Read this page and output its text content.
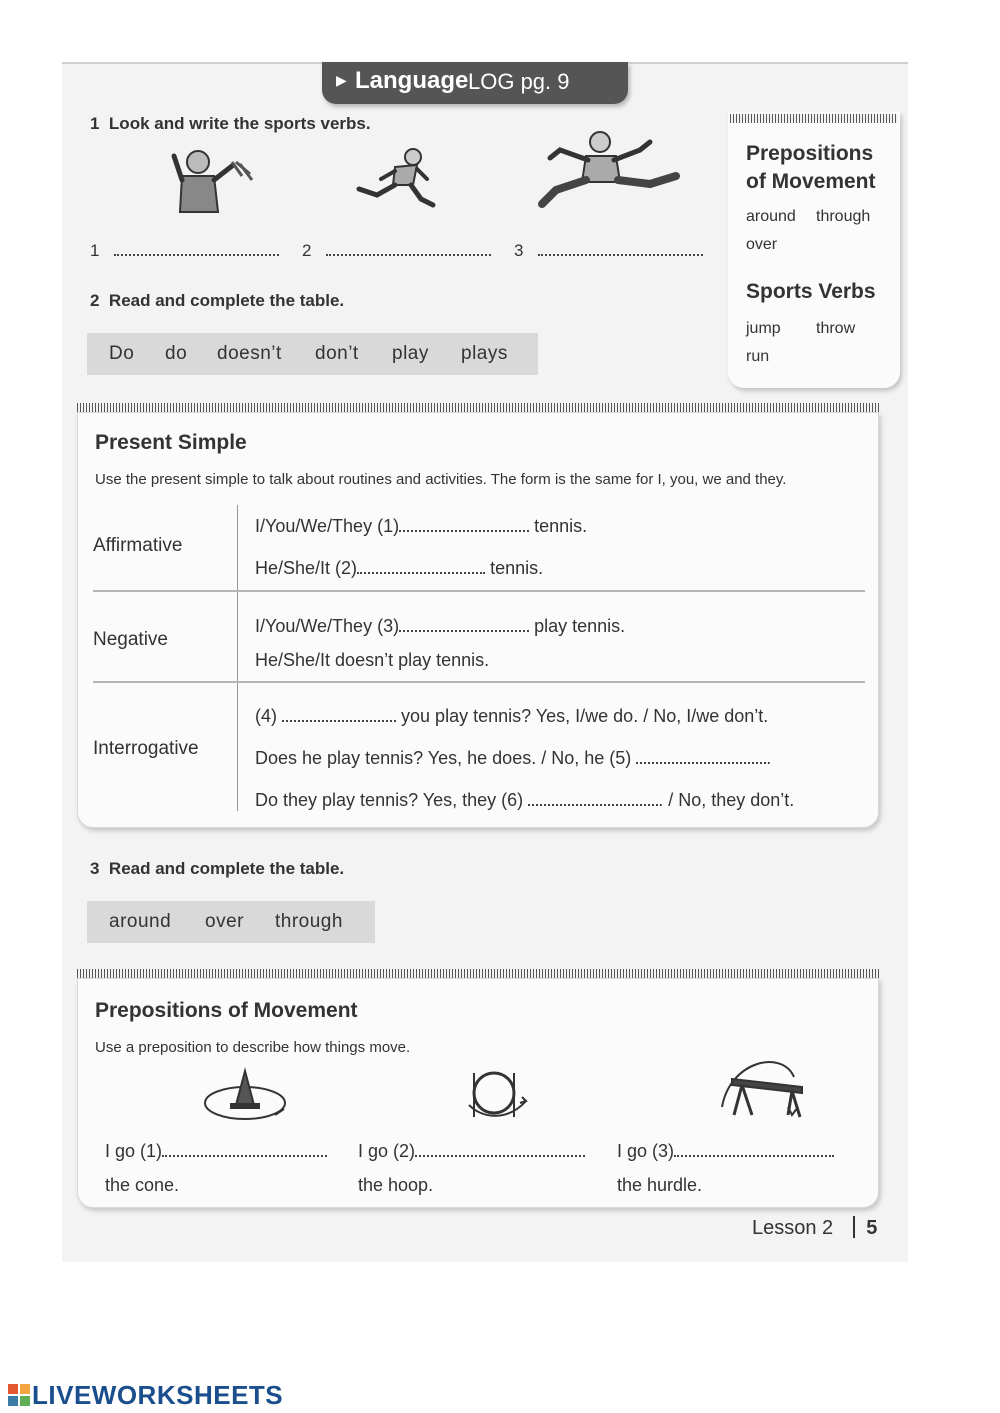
▶ Language LOG pg. 9
1 Look and write the sports verbs.
1	2	3
2 Read and complete the table.
Do do doesn’t don’t play plays
Prepositions of Movement
around through
over
Sports Verbs
jump throw
run
Present Simple
Use the present simple to talk about routines and activities. The form is the same for I, you, we and they.
Affirmative
I/You/We/They (1)	tennis.
He/She/It (2)	tennis.
Negative
I/You/We/They (3)	play tennis.
He/She/It doesn’t play tennis.
Interrogative
(4)	you play tennis? Yes, I/we do. / No, I/we don’t.
Does he play tennis? Yes, he does. / No, he (5)	.
Do they play tennis? Yes, they (6)	. / No, they don’t.
3 Read and complete the table.
around over through
Prepositions of Movement
Use a preposition to describe how things move.
I go (1)
the cone.
I go (2)
the hoop.
I go (3)
the hurdle.
Lesson 2 5
LIVEWORKSHEETS
